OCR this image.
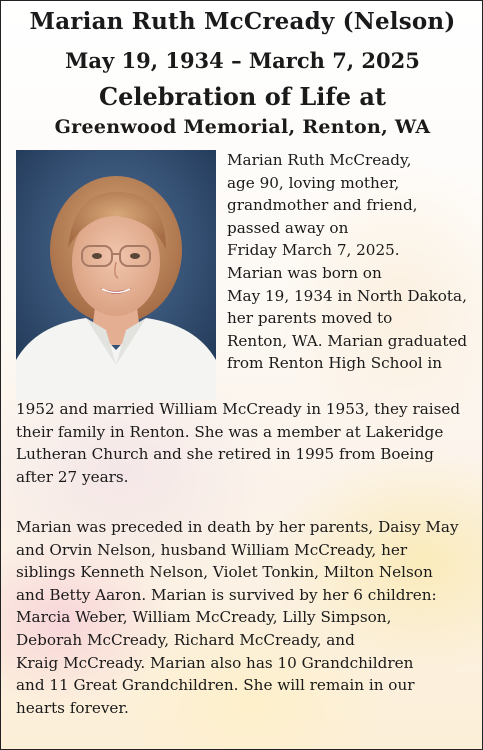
Marian Ruth McCready (Nelson)
May 19, 1934 – March 7, 2025
Celebration of Life at
Greenwood Memorial, Renton, WA
Marian Ruth McCready,
age 90, loving mother,
grandmother and friend,
passed away on
Friday March 7, 2025.
Marian was born on
May 19, 1934 in North Dakota,
her parents moved to
Renton, WA. Marian graduated
from Renton High School in
1952 and married William McCready in 1953, they raised
their family in Renton. She was a member at Lakeridge
Lutheran Church and she retired in 1995 from Boeing
after 27 years.
Marian was preceded in death by her parents, Daisy May
and Orvin Nelson, husband William McCready, her
siblings Kenneth Nelson, Violet Tonkin, Milton Nelson
and Betty Aaron. Marian is survived by her 6 children:
Marcia Weber, William McCready, Lilly Simpson,
Deborah McCready, Richard McCready, and
Kraig McCready. Marian also has 10 Grandchildren
and 11 Great Grandchildren. She will remain in our
hearts forever.
